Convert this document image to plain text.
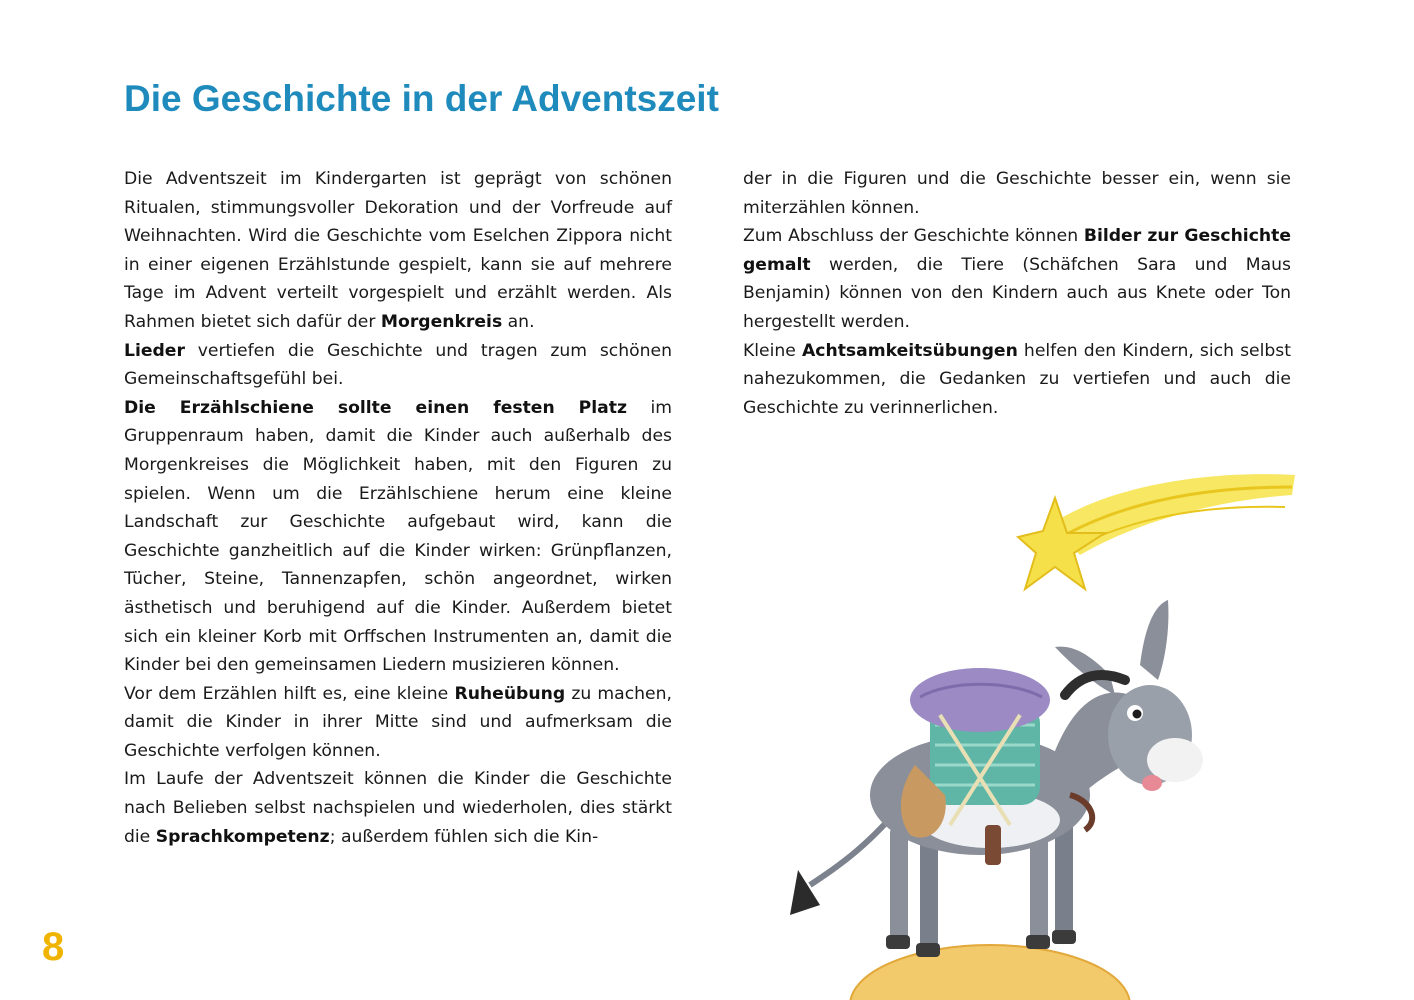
Die Geschichte in der Adventszeit

Die Adventszeit im Kindergarten ist geprägt von schönen Ritualen, stimmungsvoller Dekoration und der Vorfreude auf Weihnachten. Wird die Geschichte vom Eselchen Zippora nicht in einer eigenen Erzählstunde gespielt, kann sie auf mehrere Tage im Advent verteilt vorgespielt und erzählt werden. Als Rahmen bietet sich dafür der Morgenkreis an.

Lieder vertiefen die Geschichte und tragen zum schönen Gemeinschaftsgefühl bei.

Die Erzählschiene sollte einen festen Platz im Gruppenraum haben, damit die Kinder auch außerhalb des Morgenkreises die Möglichkeit haben, mit den Figuren zu spielen. Wenn um die Erzählschiene herum eine kleine Landschaft zur Geschichte aufgebaut wird, kann die Geschichte ganzheitlich auf die Kinder wirken: Grünpflanzen, Tücher, Steine, Tannenzapfen, schön angeordnet, wirken ästhetisch und beruhigend auf die Kinder. Außerdem bietet sich ein kleiner Korb mit Orffschen Instrumenten an, damit die Kinder bei den gemeinsamen Liedern musizieren können.

Vor dem Erzählen hilft es, eine kleine Ruheübung zu machen, damit die Kinder in ihrer Mitte sind und aufmerksam die Geschichte verfolgen können.

Im Laufe der Adventszeit können die Kinder die Geschichte nach Belieben selbst nachspielen und wiederholen, dies stärkt die Sprachkompetenz; außerdem fühlen sich die Kin-

der in die Figuren und die Geschichte besser ein, wenn sie miterzählen können.

Zum Abschluss der Geschichte können Bilder zur Geschichte gemalt werden, die Tiere (Schäfchen Sara und Maus Benjamin) können von den Kindern auch aus Knete oder Ton hergestellt werden.

Kleine Achtsamkeitsübungen helfen den Kindern, sich selbst nahezukommen, die Gedanken zu vertiefen und auch die Geschichte zu verinnerlichen.

8
